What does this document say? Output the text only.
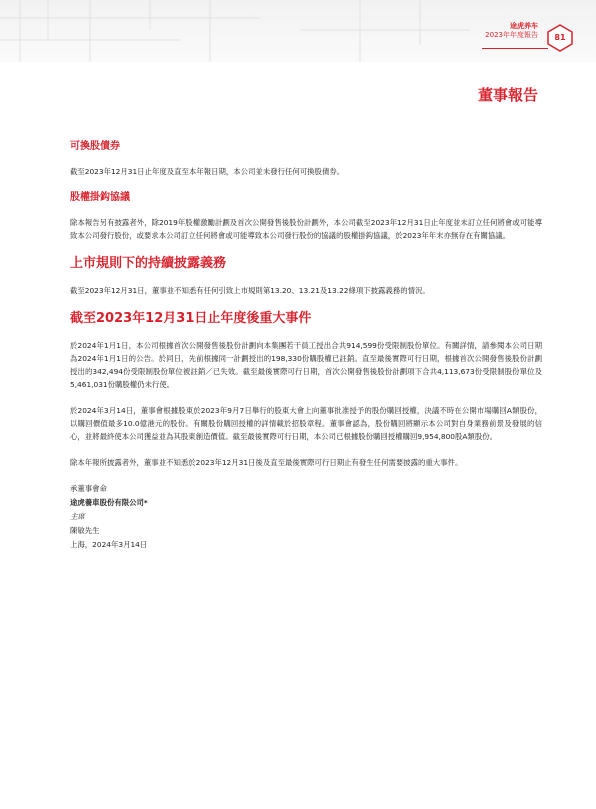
途虎养车
2023年年度報告	81
董事報告
可換股債券

截至2023年12月31日止年度及直至本年報日期，本公司並未發行任何可換股債券。

股權掛鈎協議

除本報告另有披露者外，除2019年股權激勵計劃及首次公開發售後股份計劃外，本公司截至2023年12月31日止年度並未訂立任何將會或可能導致本公司發行股份，或要求本公司訂立任何將會或可能導致本公司發行股份的協議的股權掛鈎協議，於2023年年末亦無存在有關協議。

上市規則下的持續披露義務

截至2023年12月31日，董事並不知悉有任何引致上市規則第13.20、13.21及13.22條項下披露義務的情況。

截至2023年12月31日止年度後重大事件

於2024年1月1日，本公司根據首次公開發售後股份計劃向本集團若干員工授出合共914,599份受限制股份單位。有關詳情，請參閱本公司日期為2024年1月1日的公告。於同日，先前根據同一計劃授出的198,330份購股權已註銷。直至最後實際可行日期，根據首次公開發售後股份計劃授出的342,494份受限制股份單位被註銷／已失效。截至最後實際可行日期，首次公開發售後股份計劃項下合共4,113,673份受限制股份單位及5,461,031份購股權仍未行使。

於2024年3月14日，董事會根據股東於2023年9月7日舉行的股東大會上向董事批准授予的股份購回授權，決議不時在公開市場購回A類股份，以購回價值最多10.0億港元的股份。有關股份購回授權的詳情載於招股章程。董事會認為，股份購回將顯示本公司對自身業務前景及發展的信心，並將最終使本公司獲益並為其股東創造價值。截至最後實際可行日期，本公司已根據股份購回授權購回9,954,800股A類股份。

除本年報所披露者外，董事並不知悉於2023年12月31日後及直至最後實際可行日期止有發生任何需要披露的重大事件。

承董事會命
途虎養車股份有限公司*
主席
陳敏先生
上海，2024年3月14日
